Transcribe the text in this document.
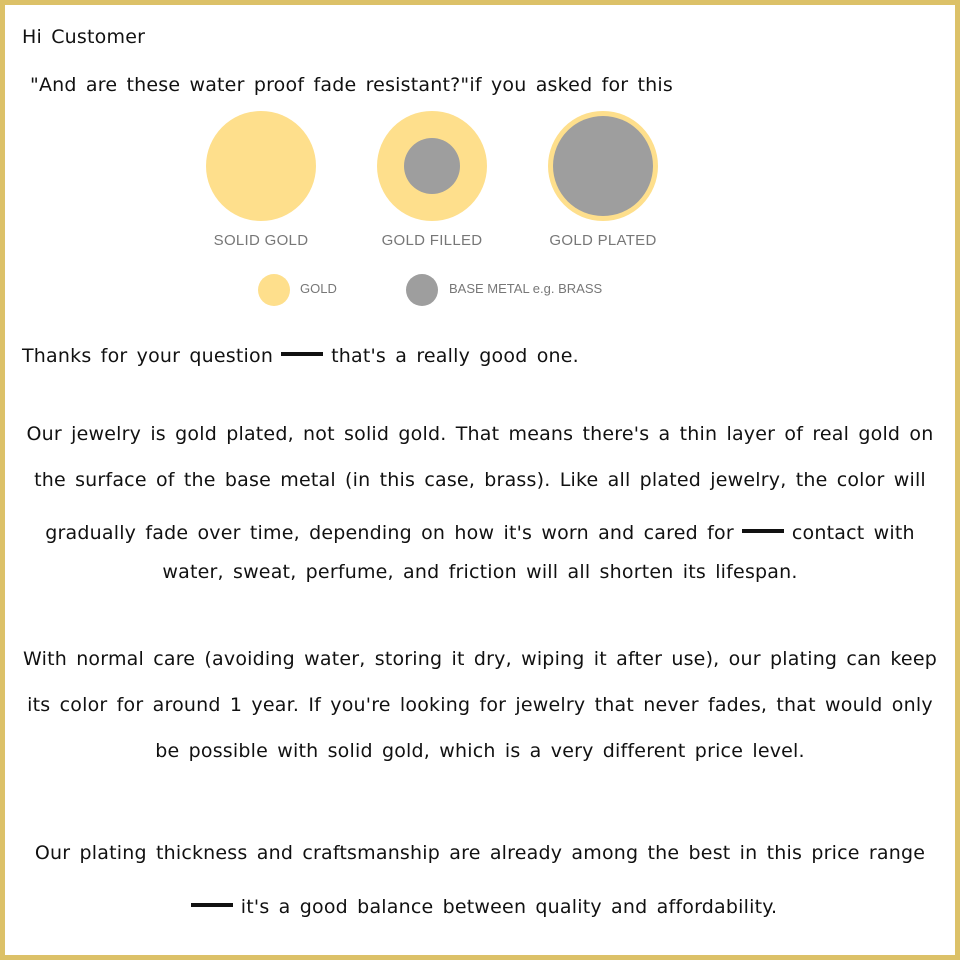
Hi Customer
"And are these water proof fade resistant?"if you asked for this
SOLID GOLD	GOLD FILLED	GOLD PLATED
GOLD	BASE METAL e.g. BRASS
Thanks for your question	that's a really good one.
Our jewelry is gold plated, not solid gold. That means there's a thin layer of real gold on
the surface of the base metal (in this case, brass). Like all plated jewelry, the color will
gradually fade over time, depending on how it's worn and cared for	contact with
water, sweat, perfume, and friction will all shorten its lifespan.
With normal care (avoiding water, storing it dry, wiping it after use), our plating can keep
its color for around 1 year. If you're looking for jewelry that never fades, that would only
be possible with solid gold, which is a very different price level.
Our plating thickness and craftsmanship are already among the best in this price range
it's a good balance between quality and affordability.
